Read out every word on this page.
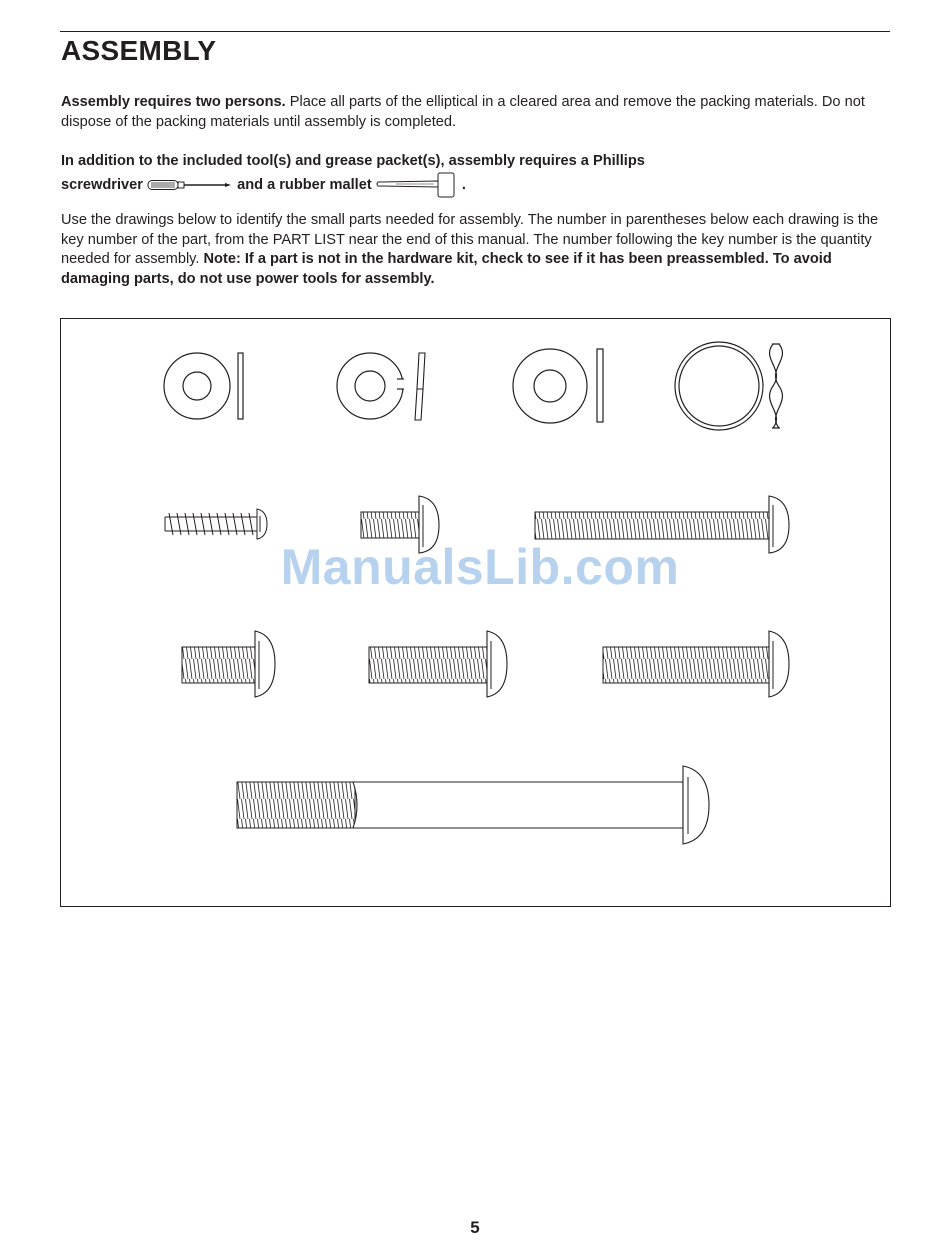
ASSEMBLY

Assembly requires two persons. Place all parts of the elliptical in a cleared area and remove the packing materials. Do not dispose of the packing materials until assembly is completed.

In addition to the included tool(s) and grease packet(s), assembly requires a Phillips
screwdriver	and a rubber mallet	.

Use the drawings below to identify the small parts needed for assembly. The number in parentheses below each drawing is the key number of the part, from the PART LIST near the end of this manual. The number following the key number is the quantity needed for assembly. Note: If a part is not in the hardware kit, check to see if it has been preassembled. To avoid damaging parts, do not use power tools for assembly.

ManualsLib.com
5
